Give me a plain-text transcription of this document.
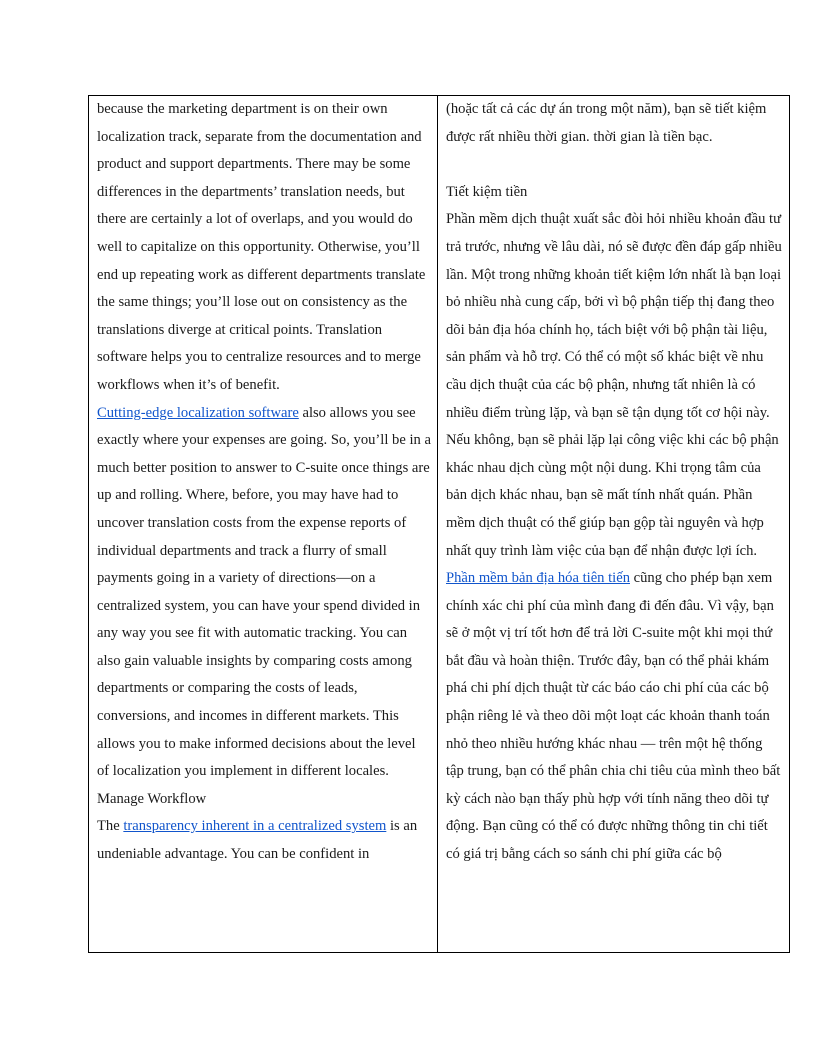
because the marketing department is on their own localization track, separate from the documentation and product and support departments. There may be some differences in the departments’ translation needs, but there are certainly a lot of overlaps, and you would do well to capitalize on this opportunity. Otherwise, you’ll end up repeating work as different departments translate the same things; you’ll lose out on consistency as the translations diverge at critical points. Translation software helps you to centralize resources and to merge workflows when it’s of benefit.

Cutting-edge localization software also allows you see exactly where your expenses are going. So, you’ll be in a much better position to answer to C-suite once things are up and rolling. Where, before, you may have had to uncover translation costs from the expense reports of individual departments and track a flurry of small payments going in a variety of directions—on a centralized system, you can have your spend divided in any way you see fit with automatic tracking. You can also gain valuable insights by comparing costs among departments or comparing the costs of leads, conversions, and incomes in different markets. This allows you to make informed decisions about the level of localization you implement in different locales.

Manage Workflow

The transparency inherent in a centralized system is an undeniable advantage. You can be confident in

(hoặc tất cả các dự án trong một năm), bạn sẽ tiết kiệm được rất nhiều thời gian. thời gian là tiền bạc.

Tiết kiệm tiền

Phần mềm dịch thuật xuất sắc đòi hỏi nhiều khoản đầu tư trả trước, nhưng về lâu dài, nó sẽ được đền đáp gấp nhiều lần. Một trong những khoản tiết kiệm lớn nhất là bạn loại bỏ nhiều nhà cung cấp, bởi vì bộ phận tiếp thị đang theo dõi bản địa hóa chính họ, tách biệt với bộ phận tài liệu, sản phẩm và hỗ trợ. Có thể có một số khác biệt về nhu cầu dịch thuật của các bộ phận, nhưng tất nhiên là có nhiều điểm trùng lặp, và bạn sẽ tận dụng tốt cơ hội này. Nếu không, bạn sẽ phải lặp lại công việc khi các bộ phận khác nhau dịch cùng một nội dung. Khi trọng tâm của bản dịch khác nhau, bạn sẽ mất tính nhất quán. Phần mềm dịch thuật có thể giúp bạn gộp tài nguyên và hợp nhất quy trình làm việc của bạn để nhận được lợi ích.

Phần mềm bản địa hóa tiên tiến cũng cho phép bạn xem chính xác chi phí của mình đang đi đến đâu. Vì vậy, bạn sẽ ở một vị trí tốt hơn để trả lời C-suite một khi mọi thứ bắt đầu và hoàn thiện. Trước đây, bạn có thể phải khám phá chi phí dịch thuật từ các báo cáo chi phí của các bộ phận riêng lẻ và theo dõi một loạt các khoản thanh toán nhỏ theo nhiều hướng khác nhau — trên một hệ thống tập trung, bạn có thể phân chia chi tiêu của mình theo bất kỳ cách nào bạn thấy phù hợp với tính năng theo dõi tự động. Bạn cũng có thể có được những thông tin chi tiết có giá trị bằng cách so sánh chi phí giữa các bộ
